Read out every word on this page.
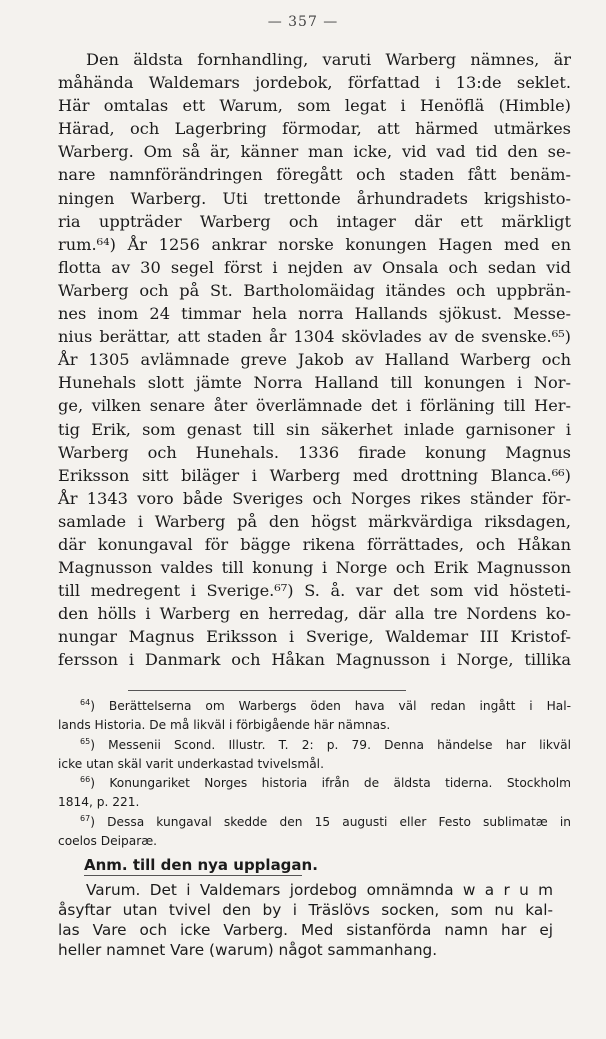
— 357 —
Den äldsta fornhandling, varuti Warberg nämnes, är
måhända Waldemars jordebok, författad i 13:de seklet.
Här omtalas ett Warum, som legat i Henöflä (Himble)
Härad, och Lagerbring förmodar, att härmed utmärkes
Warberg. Om så är, känner man icke, vid vad tid den se-
nare namnförändringen föregått och staden fått benäm-
ningen Warberg. Uti trettonde århundradets krigshisto-
ria uppträder Warberg och intager där ett märkligt
rum.⁶⁴) År 1256 ankrar norske konungen Hagen med en
flotta av 30 segel först i nejden av Onsala och sedan vid
Warberg och på St. Bartholomäidag itändes och uppbrän-
nes inom 24 timmar hela norra Hallands sjökust. Messe-
nius berättar, att staden år 1304 skövlades av de svenske.⁶⁵)
År 1305 avlämnade greve Jakob av Halland Warberg och
Hunehals slott jämte Norra Halland till konungen i Nor-
ge, vilken senare åter överlämnade det i förläning till Her-
tig Erik, som genast till sin säkerhet inlade garnisoner i
Warberg och Hunehals. 1336 firade konung Magnus
Eriksson sitt biläger i Warberg med drottning Blanca.⁶⁶)
År 1343 voro både Sveriges och Norges rikes ständer för-
samlade i Warberg på den högst märkvärdiga riksdagen,
där konungaval för bägge rikena förrättades, och Håkan
Magnusson valdes till konung i Norge och Erik Magnusson
till medregent i Sverige.⁶⁷) S. å. var det som vid hösteti-
den hölls i Warberg en herredag, där alla tre Nordens ko-
nungar Magnus Eriksson i Sverige, Waldemar III Kristof-
fersson i Danmark och Håkan Magnusson i Norge, tillika
$^{64}$) Berättelserna om Warbergs öden hava väl redan ingått i Hal-
lands Historia. De må likväl i förbigående här nämnas.
$^{65}$) Messenii Scond. Illustr. T. 2: p. 79. Denna händelse har likväl
icke utan skäl varit underkastad tvivelsmål.
$^{66}$) Konungariket Norges historia ifrån de äldsta tiderna. Stockholm
1814, p. 221.
$^{67}$) Dessa kungaval skedde den 15 augusti eller Festo sublimatæ in
coelos Deiparæ.
Anm. till den nya upplagan.
Varum. Det i Valdemars jordebog omnämnda w a r u m
åsyftar utan tvivel den by i Träslövs socken, som nu kal-
las Vare och icke Varberg. Med sistanförda namn har ej
heller namnet Vare (warum) något sammanhang.
